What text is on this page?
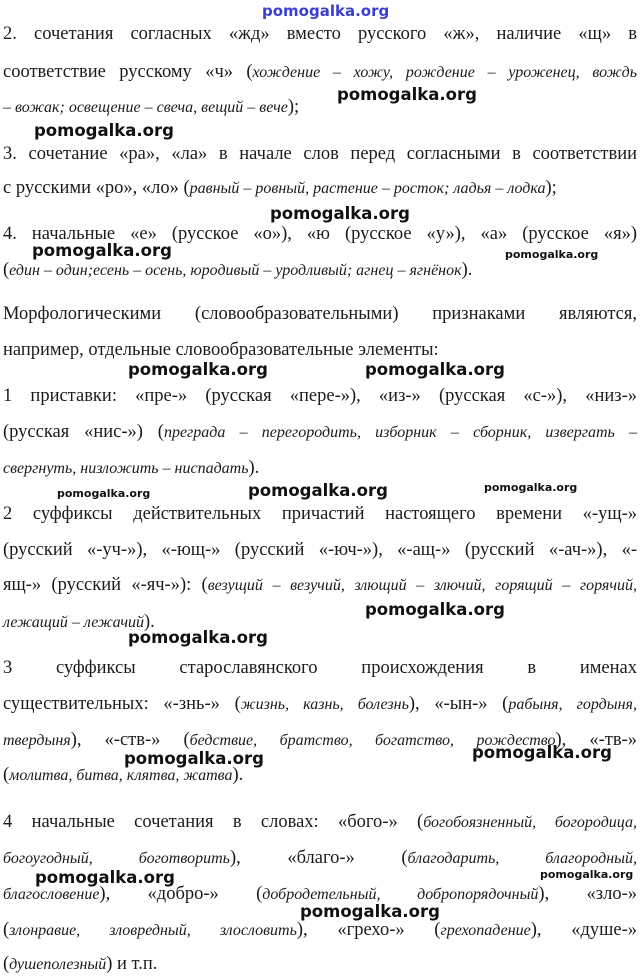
pomogalka.org
2. сочетания согласных «жд» вместо русского «ж», наличие «щ» в
соответствие русскому «ч» (хождение – хожу, рождение – уроженец, вождь
– вожак; освещение – свеча, вещий – вече);
pomogalka.org
pomogalka.org
3. сочетание «ра», «ла» в начале слов перед согласными в соответствии
с русскими «ро», «ло» (равный – ровный, растение – росток; ладья – лодка);
pomogalka.org
4. начальные «е» (русское «о»), «ю (русское «у»), «а» (русское «я»)
pomogalka.org	pomogalka.org
(един – один;есень – осень, юродивый – уродливый; агнец – ягнёнок).
Морфологическими (словообразовательными) признаками являются,
например, отдельные словообразовательные элементы:
pomogalka.org	pomogalka.org
1 приставки: «пре-» (русская «пере-»), «из-» (русская «с-»), «низ-»
(русская «нис-») (преграда – перегородить, изборник – сборник, извергать –
свергнуть, низложить – ниспадать).
pomogalka.org	pomogalka.org	pomogalka.org
2 суффиксы действительных причастий настоящего времени «-ущ-»
(русский «-уч-»), «-ющ-» (русский «-юч-»), «-ащ-» (русский «-ач-»), «-
ящ-» (русский «-яч-»): (везущий – везучий, злющий – злючий, горящий – горячий,
pomogalka.org
лежащий – лежачий).
pomogalka.org
3 суффиксы старославянского происхождения в именах
существительных: «-знь-» (жизнь, казнь, болезнь), «-ын-» (рабыня, гордыня,
твердыня), «-ств-» (бедствие, братство, богатство, рождество), «-тв-»
pomogalka.org	pomogalka.org
(молитва, битва, клятва, жатва).
4 начальные сочетания в словах: «бого-» (богобоязненный, богородица,
богоугодный, боготворить), «благо-» (благодарить, благородный,
pomogalka.org	pomogalka.org
благословение), «добро-» (добродетельный, добропорядочный), «зло-»
pomogalka.org
(злонравие, зловредный, злословить), «грехо-» (грехопадение), «душе-»
(душеполезный) и т.п.
